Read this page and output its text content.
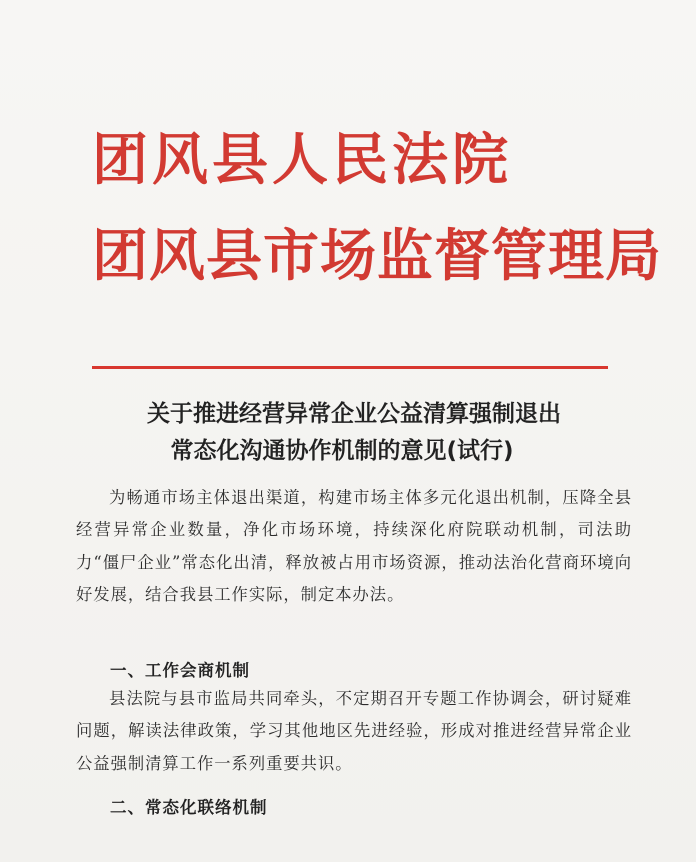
团风县人民法院
团风县市场监督管理局
关于推进经营异常企业公益清算强制退出
常态化沟通协作机制的意见(试行)
为畅通市场主体退出渠道，构建市场主体多元化退出机制，压降全县经营异常企业数量，净化市场环境，持续深化府院联动机制，司法助力“僵尸企业”常态化出清，释放被占用市场资源，推动法治化营商环境向好发展，结合我县工作实际，制定本办法。
一、工作会商机制
县法院与县市监局共同牵头，不定期召开专题工作协调会，研讨疑难问题，解读法律政策，学习其他地区先进经验，形成对推进经营异常企业公益强制清算工作一系列重要共识。
二、常态化联络机制
